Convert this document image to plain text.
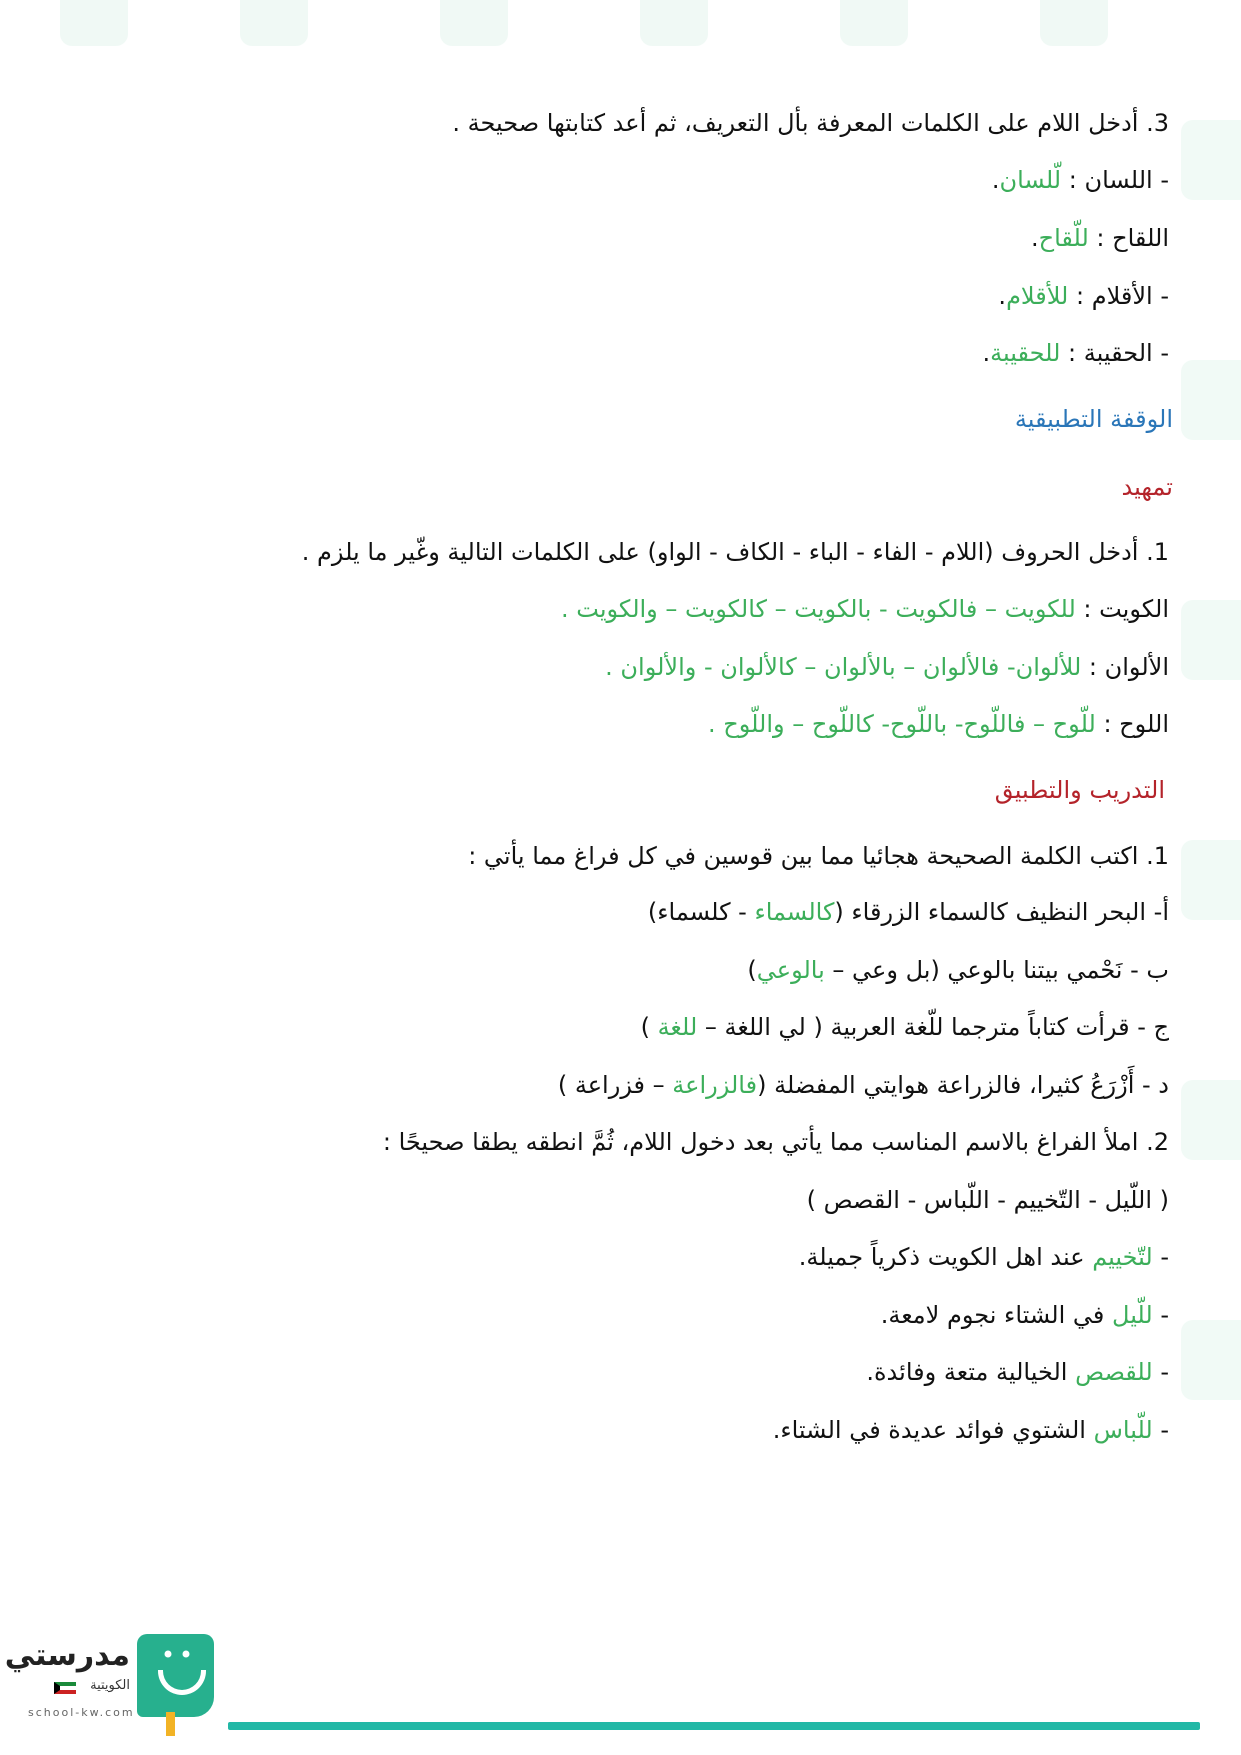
3. أدخل اللام على الكلمات المعرفة بأل التعريف، ثم أعد كتابتها صحيحة .
- اللسان : لّلسان.
اللقاح : للّقاح.
- الأقلام : للأقلام.
- الحقيبة : للحقيبة.
الوقفة التطبيقية
تمهيد
1. أدخل الحروف (اللام - الفاء - الباء - الكاف - الواو) على الكلمات التالية وغّير ما يلزم .
الكويت : للكويت – فالكويت - بالكويت – كالكويت – والكويت .
الألوان : للألوان- فالألوان – بالألوان – كالألوان - والألوان .
اللوح : للّوح – فاللّوح- باللّوح- كاللّوح – واللّوح .
التدريب والتطبيق
1. اكتب الكلمة الصحيحة هجائيا مما بين قوسين في كل فراغ مما يأتي :
أ- البحر النظيف كالسماء الزرقاء (كالسماء - كلسماء)
ب - نَحْمي بيتنا بالوعي (بل وعي – بالوعي)
ج - قرأت كتاباً مترجما للّغة العربية ( لي اللغة – للغة )
د - أَزْرَعُ كثيرا، فالزراعة هوايتي المفضلة (فالزراعة – فزراعة )
2. املأ الفراغ بالاسم المناسب مما يأتي بعد دخول اللام، ثُمَّ انطقه يطقا صحيحًا :
( اللّيل - التّخييم - اللّباس - القصص )
- لتّخييم عند اهل الكويت ذكرياً جميلة.
- للّيل في الشتاء نجوم لامعة.
- للقصص الخيالية متعة وفائدة.
- للّباس الشتوي فوائد عديدة في الشتاء.
مدرستي
الكويتية
school-kw.com
